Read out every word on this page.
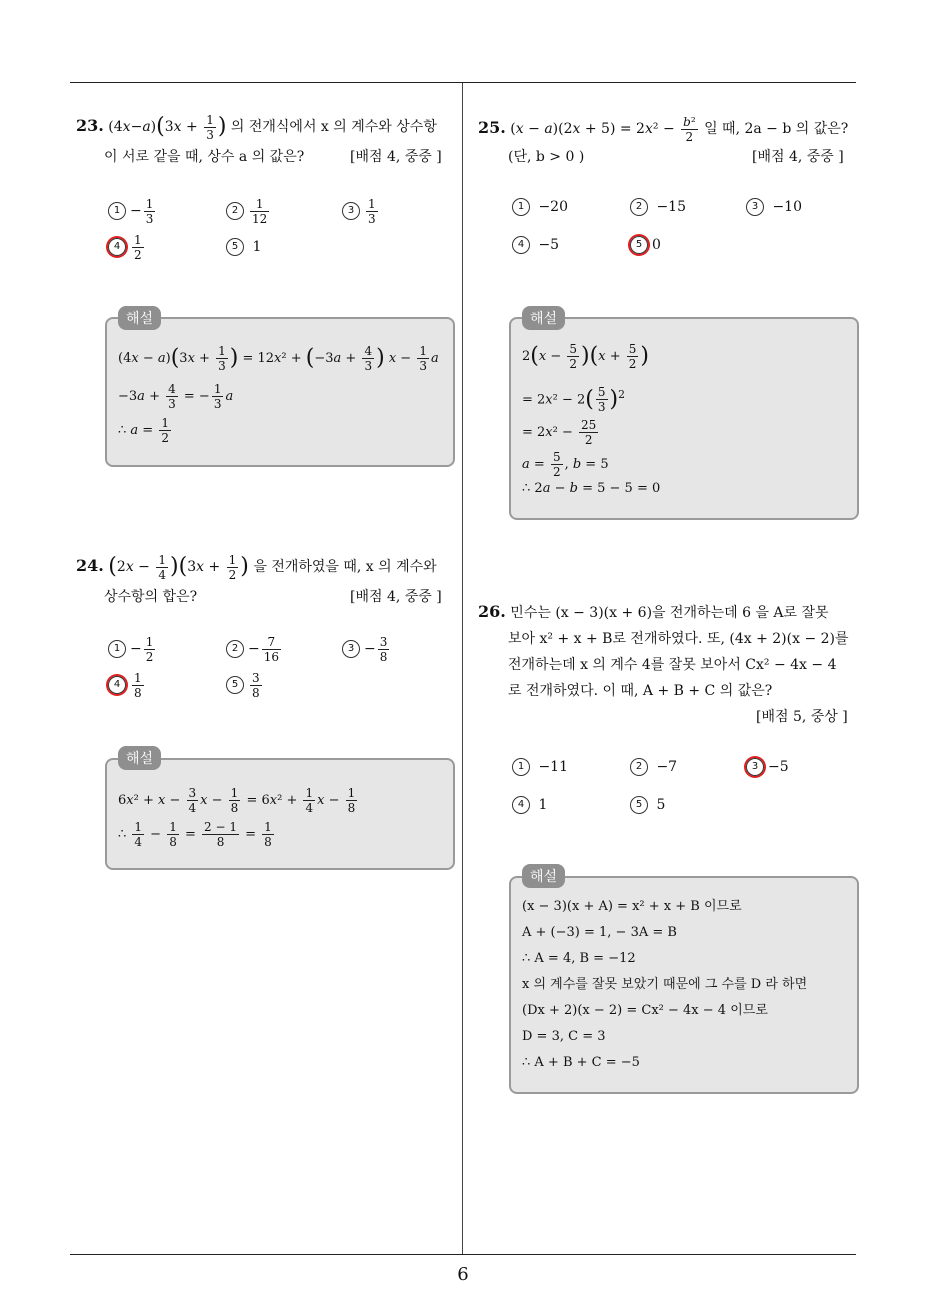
23. $(4x-a)(3x + \frac{1}{3}$ ) 의 전개식에서 x 의 계수와 상수항
이 서로 같을 때, 상수 a 의 값은?	[배점 4, 중중 ]
$1 - \frac{1}{3}$	$2 \frac{1}{12}$	$3 \frac{1}{3}$
$4 \frac{1}{2}$	5 1
해설
$(4x - a)(3x + \frac{1}{3}$ ) = $12x^2 + (-3a + \frac{4}{3}$ ) $x - \frac{1}{3}$ a
$-3a + \frac{4}{3}$ = − $\frac{1}{3}$ a
∴ $a = \frac{1}{2}$
24. $(2x - \frac{1}{4} )(3x + \frac{1}{2}$ ) 을 전개하였을 때, x 의 계수와
상수항의 합은?	[배점 4, 중중 ]
$1 - \frac{1}{2}$	$2 - \frac{7}{16}$	$3 - \frac{3}{8}$
$4 \frac{1}{8}$	$5 \frac{3}{8}$
해설
$6x^2 + x - \frac{3}{4}$ $x - \frac{1}{8} = 6x^2 + \frac{1}{4}$ $x - \frac{1}{8}$
∴ $\frac{1}{4} - \frac{1}{8} = \frac{2 - 1}{8} = \frac{1}{8}$
25. $(x - a)(2x + 5) = 2x^2 - \frac{\text{b²}}{2}$ 일 때, 2a − b 의 값은?
(단, b > 0 )	[배점 4, 중중 ]
1 −20	2 −15	3 −10
4 −5	5 0
해설
$2(x - \frac{5}{2} )(x + \frac{5}{2}$ )
= $2x^2 - 2( \frac{5}{3} )^2$
= $2x^2 - \frac{25}{2}$
$a = \frac{5}{2}$ , b = 5
∴ 2a − b = 5 − 5 = 0
26. 민수는 (x − 3)(x + 6)을 전개하는데 6 을 A로 잘못
보아 x² + x + B로 전개하였다. 또, (4x + 2)(x − 2)를
전개하는데 x 의 계수 4를 잘못 보아서 Cx² − 4x − 4
로 전개하였다. 이 때, A + B + C 의 값은?
[배점 5, 중상 ]
1 −11	2 −7	3 −5
4 1	5 5
해설
(x − 3)(x + A) = x² + x + B 이므로
A + (−3) = 1, − 3A = B
∴ A = 4, B = −12
x 의 계수를 잘못 보았기 때문에 그 수를 D 라 하면
(Dx + 2)(x − 2) = Cx² − 4x − 4 이므로
D = 3, C = 3
∴ A + B + C = −5
6
